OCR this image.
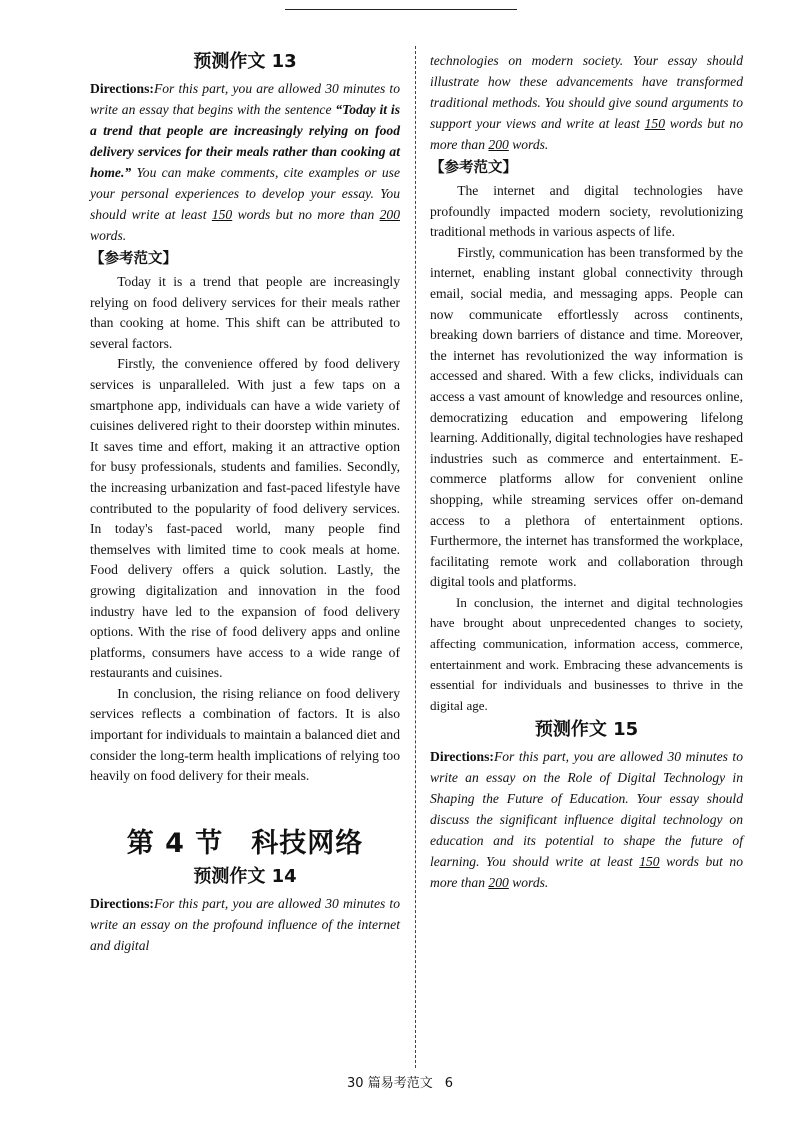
预测作文 13
Directions:For this part, you are allowed 30 minutes to write an essay that begins with the sentence “Today it is a trend that people are increasingly relying on food delivery services for their meals rather than cooking at home.” You can make comments, cite examples or use your personal experiences to develop your essay. You should write at least 150 words but no more than 200 words.
【参考范文】

Today it is a trend that people are increasingly relying on food delivery services for their meals rather than cooking at home. This shift can be attributed to several factors.

Firstly, the convenience offered by food delivery services is unparalleled. With just a few taps on a smartphone app, individuals can have a wide variety of cuisines delivered right to their doorstep within minutes. It saves time and effort, making it an attractive option for busy professionals, students and families. Secondly, the increasing urbanization and fast-paced lifestyle have contributed to the popularity of food delivery services. In today's fast-paced world, many people find themselves with limited time to cook meals at home. Food delivery offers a quick solution. Lastly, the growing digitalization and innovation in the food industry have led to the expansion of food delivery options. With the rise of food delivery apps and online platforms, consumers have access to a wide range of restaurants and cuisines.

In conclusion, the rising reliance on food delivery services reflects a combination of factors. It is also important for individuals to maintain a balanced diet and consider the long-term health implications of relying too heavily on food delivery for their meals.

第 4 节　科技网络
预测作文 14
Directions:For this part, you are allowed 30 minutes to write an essay on the profound influence of the internet and digital
technologies on modern society. Your essay should illustrate how these advancements have transformed traditional methods. You should give sound arguments to support your views and write at least 150 words but no more than 200 words.
【参考范文】

The internet and digital technologies have profoundly impacted modern society, revolutionizing traditional methods in various aspects of life.

Firstly, communication has been transformed by the internet, enabling instant global connectivity through email, social media, and messaging apps. People can now communicate effortlessly across continents, breaking down barriers of distance and time. Moreover, the internet has revolutionized the way information is accessed and shared. With a few clicks, individuals can access a vast amount of knowledge and resources online, democratizing education and empowering lifelong learning. Additionally, digital technologies have reshaped industries such as commerce and entertainment. E-commerce platforms allow for convenient online shopping, while streaming services offer on-demand access to a plethora of entertainment options. Furthermore, the internet has transformed the workplace, facilitating remote work and collaboration through digital tools and platforms.

In conclusion, the internet and digital technologies have brought about unprecedented changes to society, affecting communication, information access, commerce, entertainment and work. Embracing these advancements is essential for individuals and businesses to thrive in the digital age.

预测作文 15
Directions:For this part, you are allowed 30 minutes to write an essay on the Role of Digital Technology in Shaping the Future of Education. Your essay should discuss the significant influence digital technology on education and its potential to shape the future of learning. You should write at least 150 words but no more than 200 words.
30 篇易考范文 6
